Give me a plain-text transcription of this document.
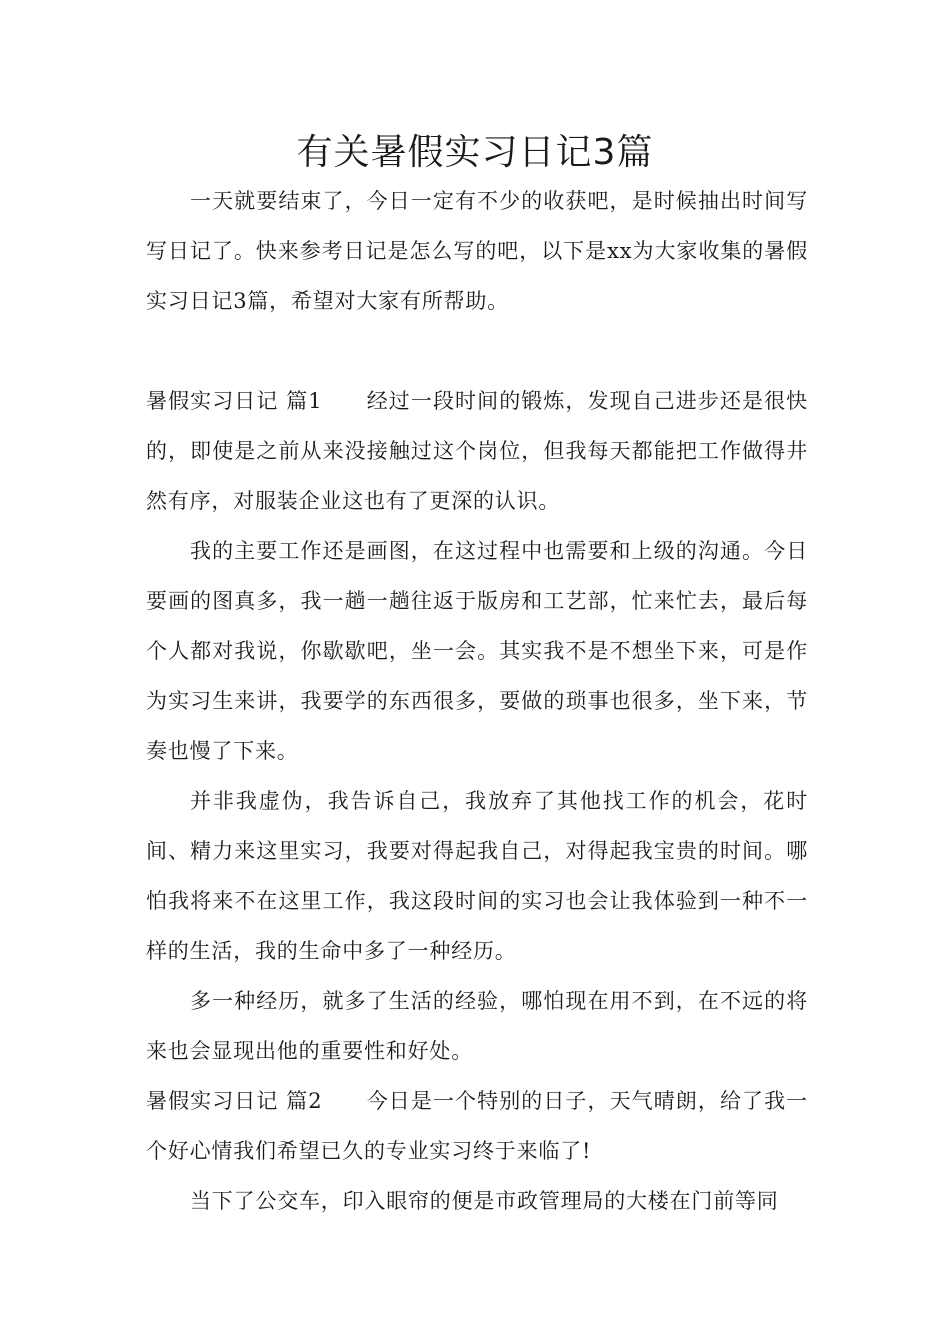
有关暑假实习日记3篇

一天就要结束了，今日一定有不少的收获吧，是时候抽出时间写写日记了。快来参考日记是怎么写的吧，以下是xx为大家收集的暑假实习日记3篇，希望对大家有所帮助。

暑假实习日记 篇1 经过一段时间的锻炼，发现自己进步还是很快的，即使是之前从来没接触过这个岗位，但我每天都能把工作做得井然有序，对服装企业这也有了更深的认识。

我的主要工作还是画图，在这过程中也需要和上级的沟通。今日要画的图真多，我一趟一趟往返于版房和工艺部，忙来忙去，最后每个人都对我说，你歇歇吧，坐一会。其实我不是不想坐下来，可是作为实习生来讲，我要学的东西很多，要做的琐事也很多，坐下来，节奏也慢了下来。

并非我虚伪，我告诉自己，我放弃了其他找工作的机会，花时间、精力来这里实习，我要对得起我自己，对得起我宝贵的时间。哪怕我将来不在这里工作，我这段时间的实习也会让我体验到一种不一样的生活，我的生命中多了一种经历。

多一种经历，就多了生活的经验，哪怕现在用不到，在不远的将来也会显现出他的重要性和好处。

暑假实习日记 篇2 今日是一个特别的日子，天气晴朗，给了我一个好心情我们希望已久的专业实习终于来临了!

当下了公交车，印入眼帘的便是市政管理局的大楼在门前等同
